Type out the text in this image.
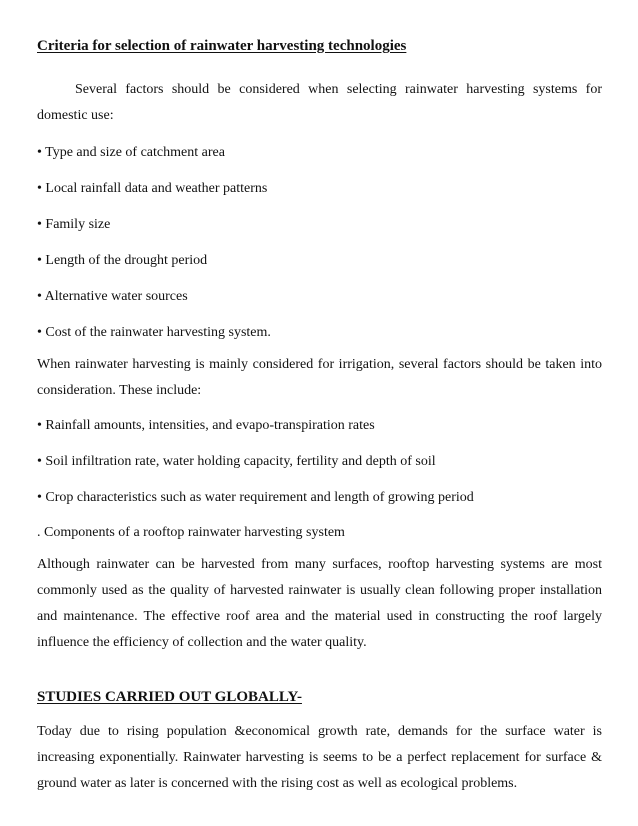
Criteria for selection of rainwater harvesting technologies

Several factors should be considered when selecting rainwater harvesting systems for domestic use:

• Type and size of catchment area

• Local rainfall data and weather patterns

• Family size

• Length of the drought period

• Alternative water sources

• Cost of the rainwater harvesting system.

When rainwater harvesting is mainly considered for irrigation, several factors should be taken into consideration. These include:

• Rainfall amounts, intensities, and evapo-transpiration rates

• Soil infiltration rate, water holding capacity, fertility and depth of soil

• Crop characteristics such as water requirement and length of growing period

. Components of a rooftop rainwater harvesting system

Although rainwater can be harvested from many surfaces, rooftop harvesting systems are most commonly used as the quality of harvested rainwater is usually clean following proper installation and maintenance. The effective roof area and the material used in constructing the roof largely influence the efficiency of collection and the water quality.

STUDIES CARRIED OUT GLOBALLY-

Today due to rising population &economical growth rate, demands for the surface water is increasing exponentially. Rainwater harvesting is seems to be a perfect replacement for surface & ground water as later is concerned with the rising cost as well as ecological problems.
